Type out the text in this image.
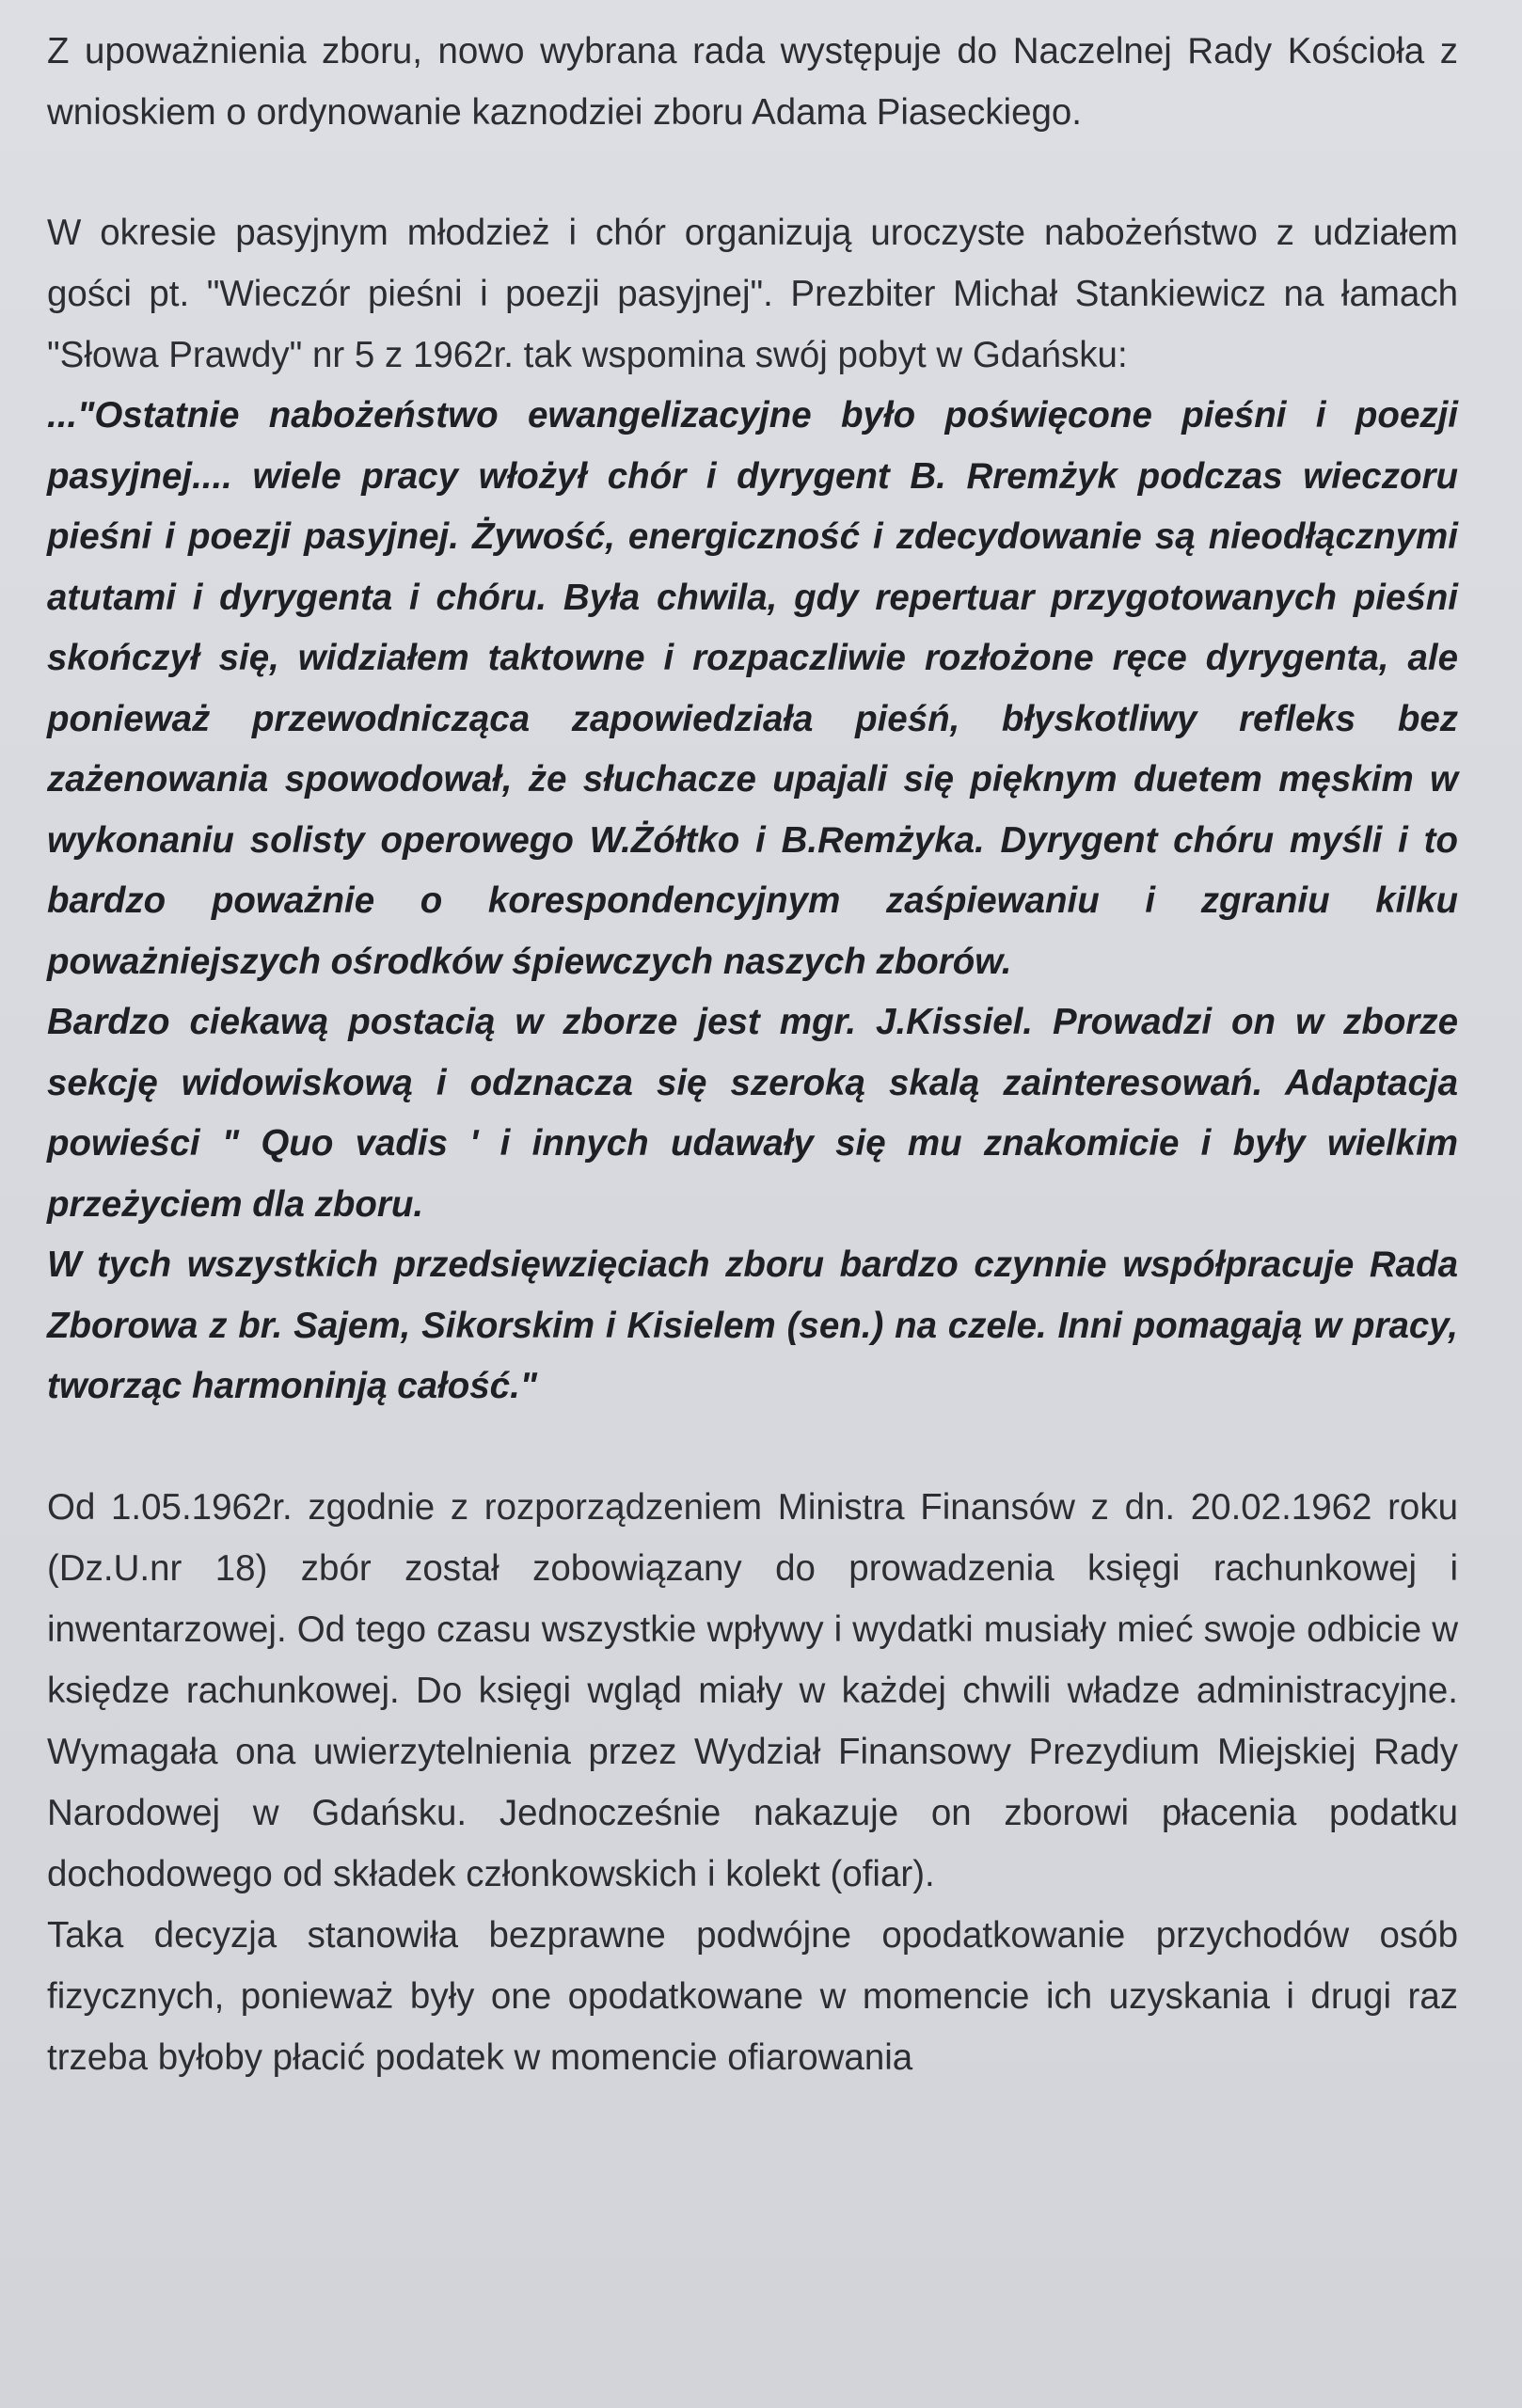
Z upoważnienia zboru, nowo wybrana rada występuje do Naczelnej Rady Kościoła z wnioskiem o ordynowanie kaznodziei zboru Adama Piaseckiego.

W okresie pasyjnym młodzież i chór organizują uroczyste nabożeństwo z udziałem gości pt. "Wieczór pieśni i poezji pasyjnej". Prezbiter Michał Stankiewicz na łamach "Słowa Prawdy" nr 5 z 1962r. tak wspomina swój pobyt w Gdańsku:

..."Ostatnie nabożeństwo ewangelizacyjne było poświęcone pieśni i poezji pasyjnej.... wiele pracy włożył chór i dyrygent B. Rremżyk podczas wieczoru pieśni i poezji pasyjnej. Żywość, energiczność i zdecydowanie są nieodłącznymi atutami i dyrygenta i chóru. Była chwila, gdy repertuar przygotowanych pieśni skończył się, widziałem taktowne i rozpaczliwie rozłożone ręce dyrygenta, ale ponieważ przewodnicząca zapowiedziała pieśń, błyskotliwy refleks bez zażenowania spowodował, że słuchacze upajali się pięknym duetem męskim w wykonaniu solisty operowego W.Żółtko i B.Remżyka. Dyrygent chóru myśli i to bardzo poważnie o korespondencyjnym zaśpiewaniu i zgraniu kilku poważniejszych ośrodków śpiewczych naszych zborów.

Bardzo ciekawą postacią w zborze jest mgr. J.Kissiel. Prowadzi on w zborze sekcję widowiskową i odznacza się szeroką skalą zainteresowań. Adaptacja powieści " Quo vadis ' i innych udawały się mu znakomicie i były wielkim przeżyciem dla zboru.

W tych wszystkich przedsięwzięciach zboru bardzo czynnie współpracuje Rada Zborowa z br. Sajem, Sikorskim i Kisielem (sen.) na czele. Inni pomagają w pracy, tworząc harmoninją całość."

Od 1.05.1962r. zgodnie z rozporządzeniem Ministra Finansów z dn. 20.02.1962 roku (Dz.U.nr 18) zbór został zobowiązany do prowadzenia księgi rachunkowej i inwentarzowej. Od tego czasu wszystkie wpływy i wydatki musiały mieć swoje odbicie w księdze rachunkowej. Do księgi wgląd miały w każdej chwili władze administracyjne. Wymagała ona uwierzytelnienia przez Wydział Finansowy Prezydium Miejskiej Rady Narodowej w Gdańsku. Jednocześnie nakazuje on zborowi płacenia podatku dochodowego od składek członkowskich i kolekt (ofiar).

Taka decyzja stanowiła bezprawne podwójne opodatkowanie przychodów osób fizycznych, ponieważ były one opodatkowane w momencie ich uzyskania i drugi raz trzeba byłoby płacić podatek w momencie ofiarowania
